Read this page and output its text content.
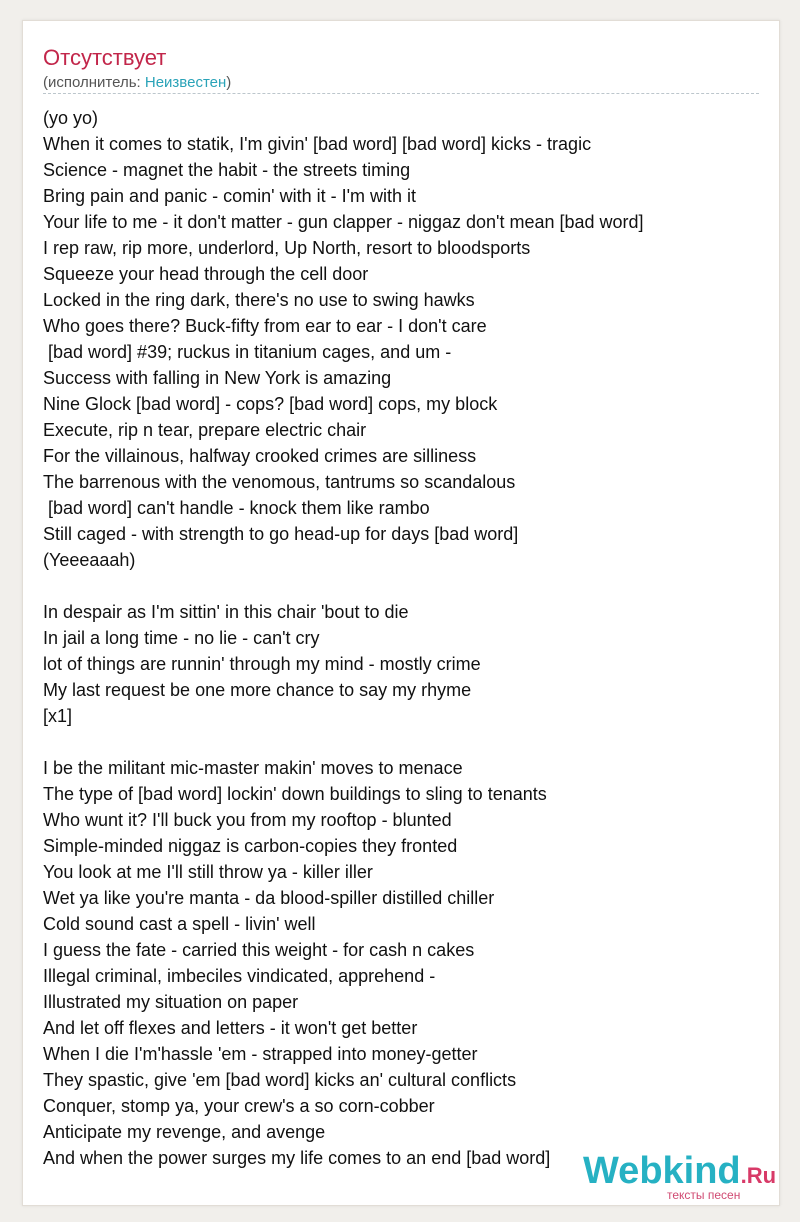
Отсутствует
(исполнитель: Неизвестен)
(yo yo)
When it comes to statik, I'm givin' [bad word] [bad word] kicks - tragic
Science - magnet the habit - the streets timing
Bring pain and panic - comin' with it - I'm with it
Your life to me - it don't matter - gun clapper - niggaz don't mean [bad word]
I rep raw, rip more, underlord, Up North, resort to bloodsports
Squeeze your head through the cell door
Locked in the ring dark, there's no use to swing hawks
Who goes there? Buck-fifty from ear to ear - I don't care
[bad word] #39; ruckus in titanium cages, and um -
Success with falling in New York is amazing
Nine Glock [bad word] - cops? [bad word] cops, my block
Execute, rip n tear, prepare electric chair
For the villainous, halfway crooked crimes are silliness
The barrenous with the venomous, tantrums so scandalous
[bad word] can't handle - knock them like rambo
Still caged - with strength to go head-up for days [bad word]
(Yeeeaaah)
In despair as I'm sittin' in this chair 'bout to die
In jail a long time - no lie - can't cry
lot of things are runnin' through my mind - mostly crime
My last request be one more chance to say my rhyme
[x1]
I be the militant mic-master makin' moves to menace
The type of [bad word] lockin' down buildings to sling to tenants
Who wunt it? I'll buck you from my rooftop - blunted
Simple-minded niggaz is carbon-copies they fronted
You look at me I'll still throw ya - killer iller
Wet ya like you're manta - da blood-spiller distilled chiller
Cold sound cast a spell - livin' well
I guess the fate - carried this weight - for cash n cakes
Illegal criminal, imbeciles vindicated, apprehend -
Illustrated my situation on paper
And let off flexes and letters - it won't get better
When I die I'm'hassle 'em - strapped into money-getter
They spastic, give 'em [bad word] kicks an' cultural conflicts
Conquer, stomp ya, your crew's a so corn-cobber
Anticipate my revenge, and avenge
And when the power surges my life comes to an end [bad word] Webkind.Ru
тексты песен
